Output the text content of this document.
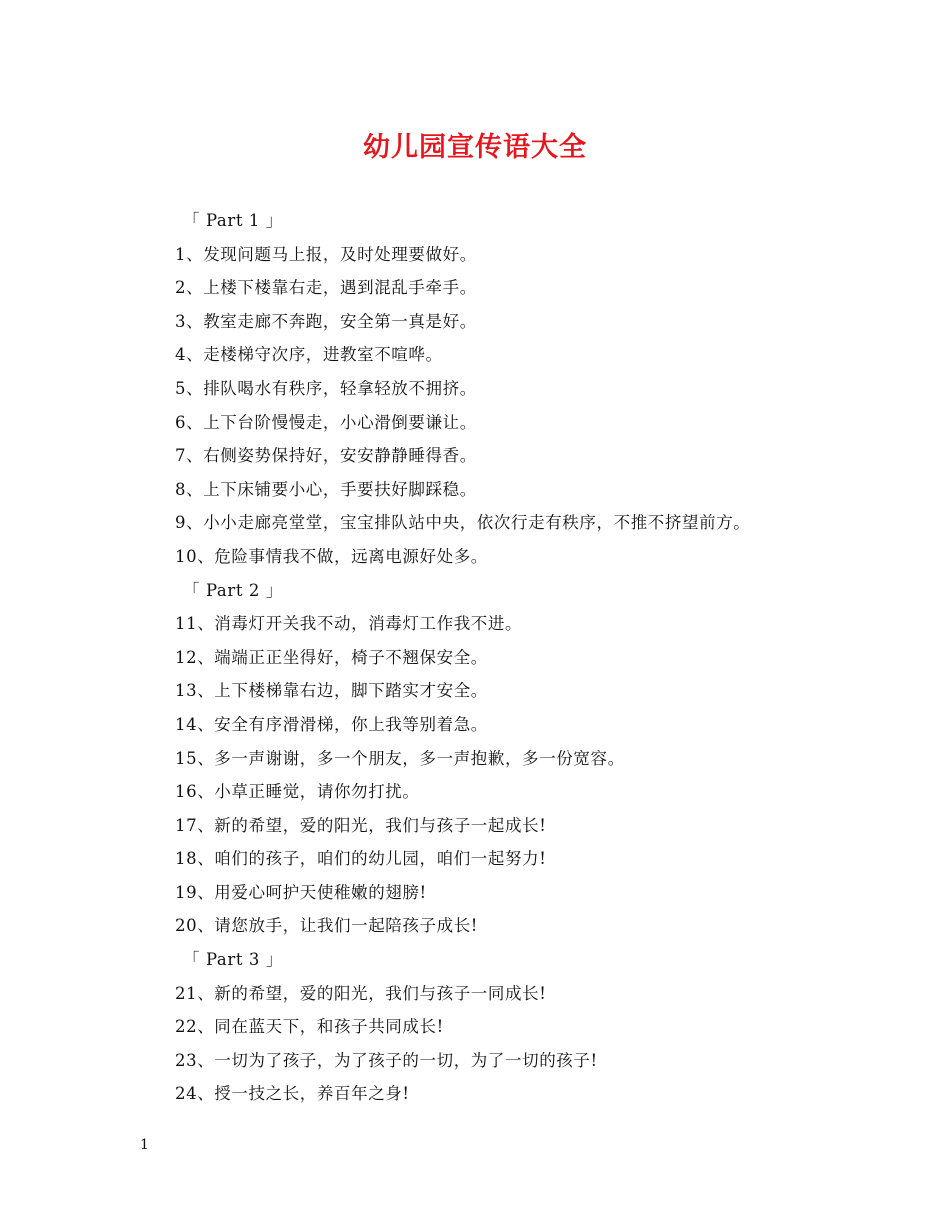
幼儿园宣传语大全
「 Part 1 」
1、发现问题马上报，及时处理要做好。
2、上楼下楼靠右走，遇到混乱手牵手。
3、教室走廊不奔跑，安全第一真是好。
4、走楼梯守次序，进教室不喧哗。
5、排队喝水有秩序，轻拿轻放不拥挤。
6、上下台阶慢慢走，小心滑倒要谦让。
7、右侧姿势保持好，安安静静睡得香。
8、上下床铺要小心，手要扶好脚踩稳。
9、小小走廊亮堂堂，宝宝排队站中央，依次行走有秩序，不推不挤望前方。
10、危险事情我不做，远离电源好处多。
「 Part 2 」
11、消毒灯开关我不动，消毒灯工作我不进。
12、端端正正坐得好，椅子不翘保安全。
13、上下楼梯靠右边，脚下踏实才安全。
14、安全有序滑滑梯，你上我等别着急。
15、多一声谢谢，多一个朋友，多一声抱歉，多一份宽容。
16、小草正睡觉，请你勿打扰。
17、新的希望，爱的阳光，我们与孩子一起成长!
18、咱们的孩子，咱们的幼儿园，咱们一起努力!
19、用爱心呵护天使稚嫩的翅膀!
20、请您放手，让我们一起陪孩子成长!
「 Part 3 」
21、新的希望，爱的阳光，我们与孩子一同成长!
22、同在蓝天下，和孩子共同成长!
23、一切为了孩子，为了孩子的一切，为了一切的孩子!
24、授一技之长，养百年之身!
1
